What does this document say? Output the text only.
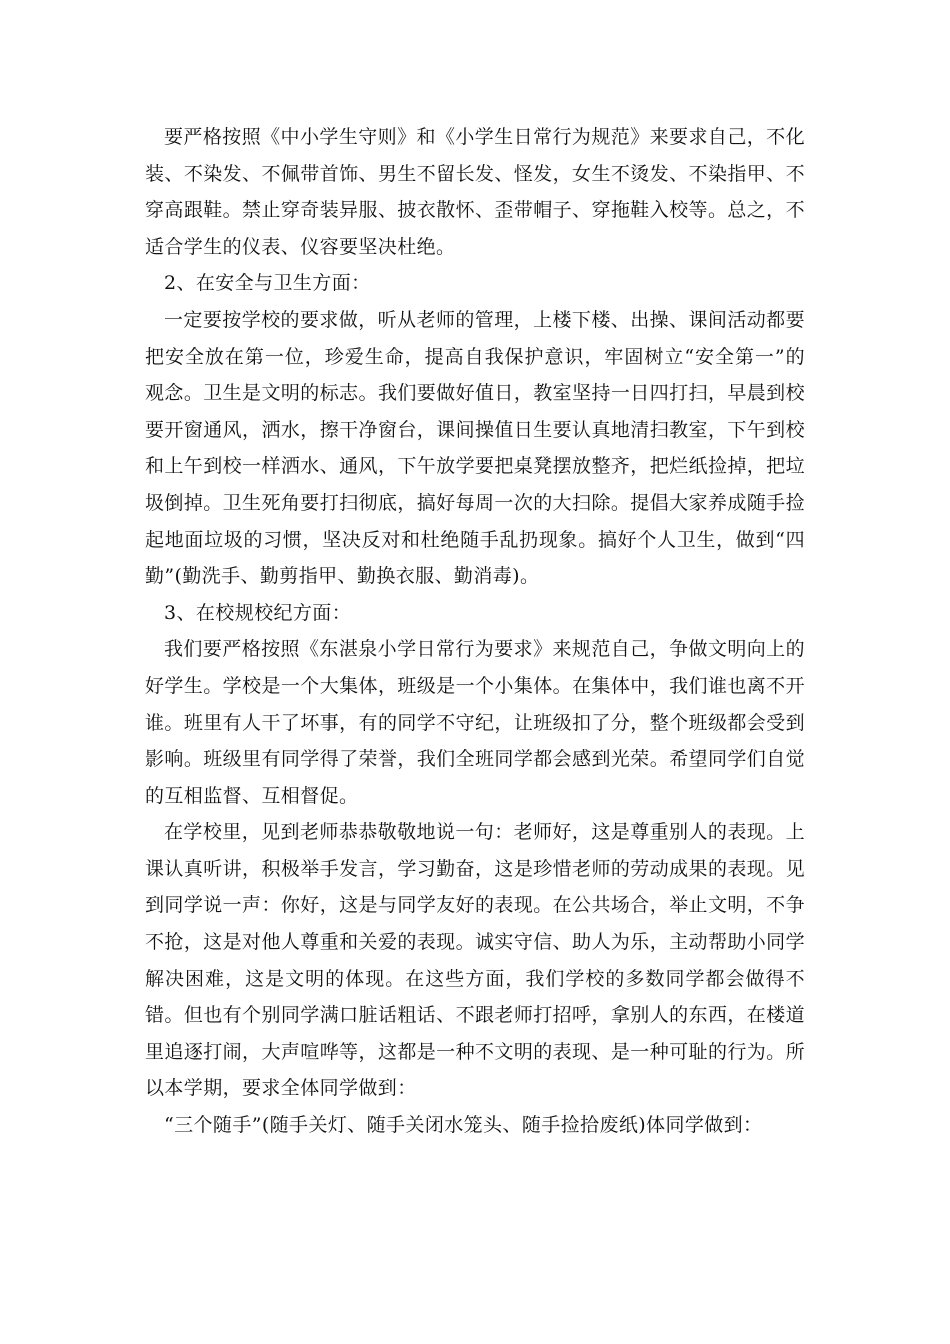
要严格按照《中小学生守则》和《小学生日常行为规范》来要求自己，不化装、不染发、不佩带首饰、男生不留长发、怪发，女生不烫发、不染指甲、不穿高跟鞋。禁止穿奇装异服、披衣散怀、歪带帽子、穿拖鞋入校等。总之，不适合学生的仪表、仪容要坚决杜绝。

2、在安全与卫生方面：

一定要按学校的要求做，听从老师的管理，上楼下楼、出操、课间活动都要把安全放在第一位，珍爱生命，提高自我保护意识，牢固树立“安全第一”的观念。卫生是文明的标志。我们要做好值日，教室坚持一日四打扫，早晨到校要开窗通风，洒水，擦干净窗台，课间操值日生要认真地清扫教室，下午到校和上午到校一样洒水、通风，下午放学要把桌凳摆放整齐，把烂纸捡掉，把垃圾倒掉。卫生死角要打扫彻底，搞好每周一次的大扫除。提倡大家养成随手捡起地面垃圾的习惯，坚决反对和杜绝随手乱扔现象。搞好个人卫生，做到“四勤”(勤洗手、勤剪指甲、勤换衣服、勤消毒)。

3、在校规校纪方面：

我们要严格按照《东湛泉小学日常行为要求》来规范自己，争做文明向上的好学生。学校是一个大集体，班级是一个小集体。在集体中，我们谁也离不开谁。班里有人干了坏事，有的同学不守纪，让班级扣了分，整个班级都会受到影响。班级里有同学得了荣誉，我们全班同学都会感到光荣。希望同学们自觉的互相监督、互相督促。

在学校里，见到老师恭恭敬敬地说一句：老师好，这是尊重别人的表现。上课认真听讲，积极举手发言，学习勤奋，这是珍惜老师的劳动成果的表现。见到同学说一声：你好，这是与同学友好的表现。在公共场合，举止文明，不争不抢，这是对他人尊重和关爱的表现。诚实守信、助人为乐，主动帮助小同学解决困难，这是文明的体现。在这些方面，我们学校的多数同学都会做得不错。但也有个别同学满口脏话粗话、不跟老师打招呼，拿别人的东西，在楼道里追逐打闹，大声喧哗等，这都是一种不文明的表现、是一种可耻的行为。所以本学期，要求全体同学做到：

“三个随手”(随手关灯、随手关闭水笼头、随手捡拾废纸)体同学做到：
